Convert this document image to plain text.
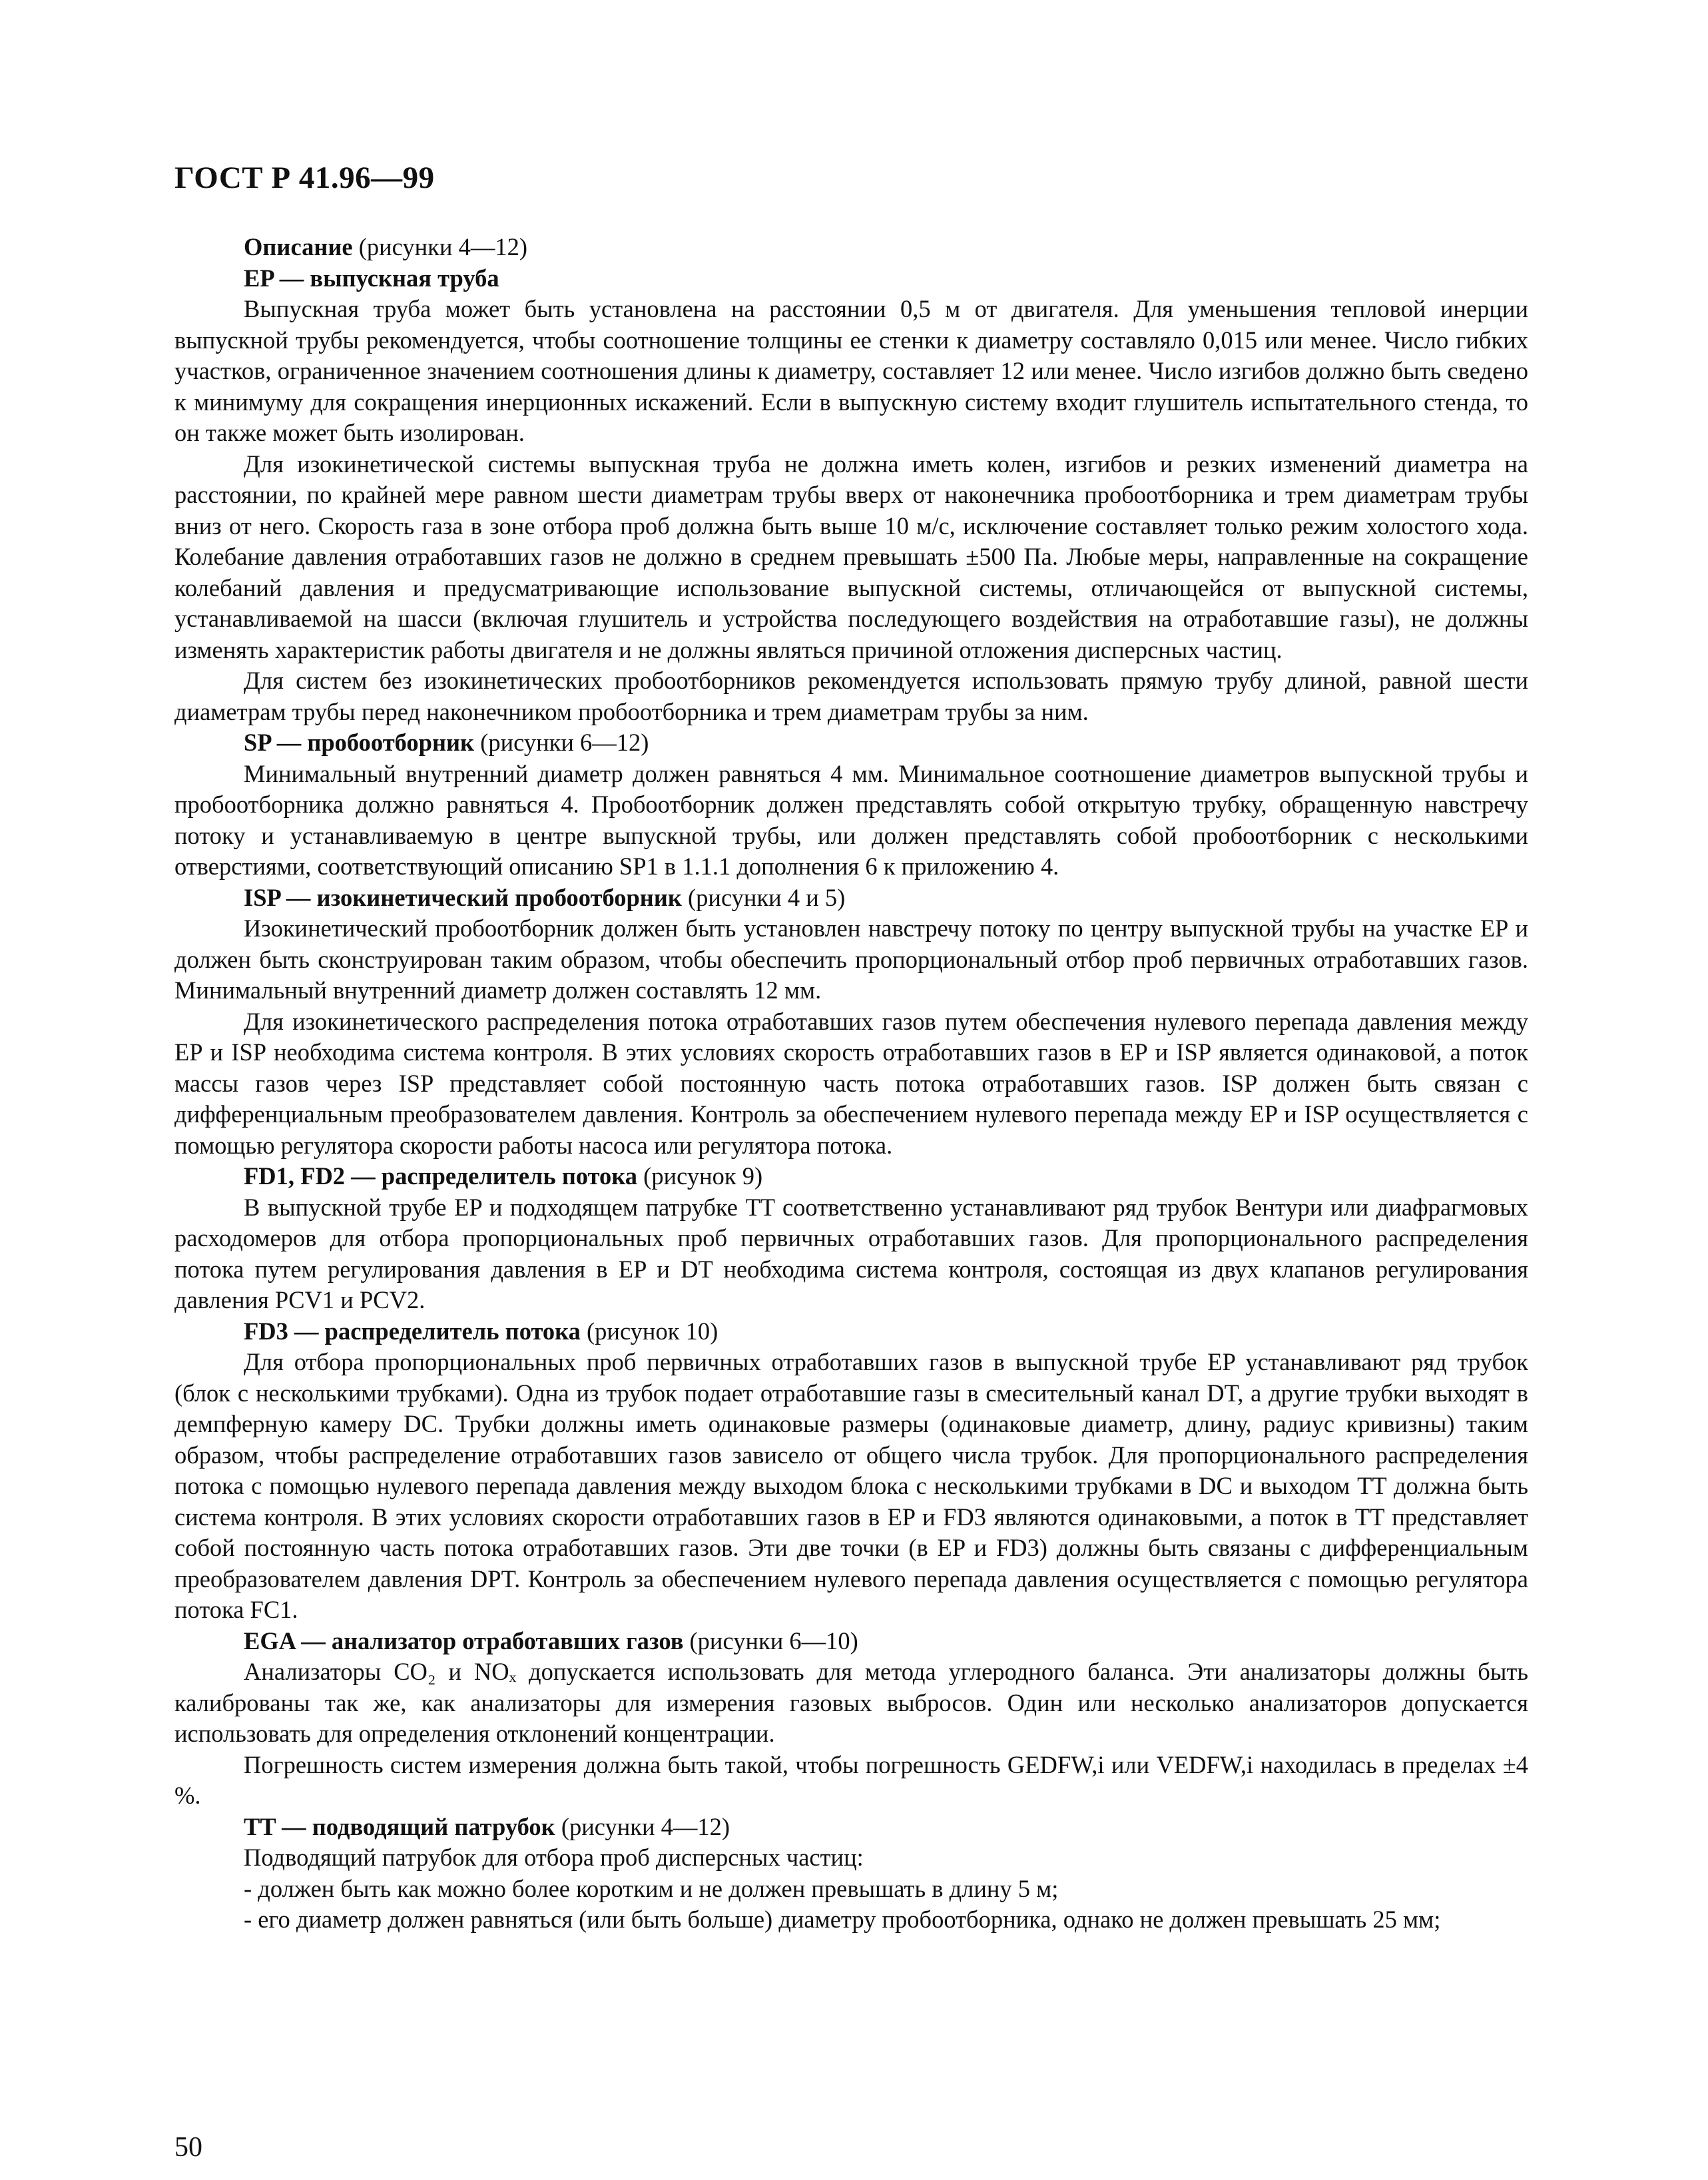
ГОСТ Р 41.96—99

Описание (рисунки 4—12)

EP — выпускная труба

Выпускная труба может быть установлена на расстоянии 0,5 м от двигателя. Для уменьшения тепловой инерции выпускной трубы рекомендуется, чтобы соотношение толщины ее стенки к диаметру составляло 0,015 или менее. Число гибких участков, ограниченное значением соотношения длины к диаметру, составляет 12 или менее. Число изгибов должно быть сведено к минимуму для сокращения инерционных искажений. Если в выпускную систему входит глушитель испытательного стенда, то он также может быть изолирован.

Для изокинетической системы выпускная труба не должна иметь колен, изгибов и резких изменений диаметра на расстоянии, по крайней мере равном шести диаметрам трубы вверх от наконечника пробоотборника и трем диаметрам трубы вниз от него. Скорость газа в зоне отбора проб должна быть выше 10 м/с, исключение составляет только режим холостого хода. Колебание давления отработавших газов не должно в среднем превышать ±500 Па. Любые меры, направленные на сокращение колебаний давления и предусматривающие использование выпускной системы, отличающейся от выпускной системы, устанавливаемой на шасси (включая глушитель и устройства последующего воздействия на отработавшие газы), не должны изменять характеристик работы двигателя и не должны являться причиной отложения дисперсных частиц.

Для систем без изокинетических пробоотборников рекомендуется использовать прямую трубу длиной, равной шести диаметрам трубы перед наконечником пробоотборника и трем диаметрам трубы за ним.

SP — пробоотборник (рисунки 6—12)

Минимальный внутренний диаметр должен равняться 4 мм. Минимальное соотношение диаметров выпускной трубы и пробоотборника должно равняться 4. Пробоотборник должен представлять собой открытую трубку, обращенную навстречу потоку и устанавливаемую в центре выпускной трубы, или должен представлять собой пробоотборник с несколькими отверстиями, соответствующий описанию SP1 в 1.1.1 дополнения 6 к приложению 4.

ISP — изокинетический пробоотборник (рисунки 4 и 5)

Изокинетический пробоотборник должен быть установлен навстречу потоку по центру выпускной трубы на участке EP и должен быть сконструирован таким образом, чтобы обеспечить пропорциональный отбор проб первичных отработавших газов. Минимальный внутренний диаметр должен составлять 12 мм.

Для изокинетического распределения потока отработавших газов путем обеспечения нулевого перепада давления между EP и ISP необходима система контроля. В этих условиях скорость отработавших газов в EP и ISP является одинаковой, а поток массы газов через ISP представляет собой постоянную часть потока отработавших газов. ISP должен быть связан с дифференциальным преобразователем давления. Контроль за обеспечением нулевого перепада между EP и ISP осуществляется с помощью регулятора скорости работы насоса или регулятора потока.

FD1, FD2 — распределитель потока (рисунок 9)

В выпускной трубе EP и подходящем патрубке TT соответственно устанавливают ряд трубок Вентури или диафрагмовых расходомеров для отбора пропорциональных проб первичных отработавших газов. Для пропорционального распределения потока путем регулирования давления в EP и DT необходима система контроля, состоящая из двух клапанов регулирования давления PCV1 и PCV2.

FD3 — распределитель потока (рисунок 10)

Для отбора пропорциональных проб первичных отработавших газов в выпускной трубе EP устанавливают ряд трубок (блок с несколькими трубками). Одна из трубок подает отработавшие газы в смесительный канал DT, а другие трубки выходят в демпферную камеру DC. Трубки должны иметь одинаковые размеры (одинаковые диаметр, длину, радиус кривизны) таким образом, чтобы распределение отработавших газов зависело от общего числа трубок. Для пропорционального распределения потока с помощью нулевого перепада давления между выходом блока с несколькими трубками в DC и выходом TT должна быть система контроля. В этих условиях скорости отработавших газов в EP и FD3 являются одинаковыми, а поток в TT представляет собой постоянную часть потока отработавших газов. Эти две точки (в EP и FD3) должны быть связаны с дифференциальным преобразователем давления DPT. Контроль за обеспечением нулевого перепада давления осуществляется с помощью регулятора потока FC1.

EGA — анализатор отработавших газов (рисунки 6—10)

Анализаторы CO₂ и NOₓ допускается использовать для метода углеродного баланса. Эти анализаторы должны быть калиброваны так же, как анализаторы для измерения газовых выбросов. Один или несколько анализаторов допускается использовать для определения отклонений концентрации.

Погрешность систем измерения должна быть такой, чтобы погрешность GEDFW,i или VEDFW,i находилась в пределах ±4 %.

TT — подводящий патрубок (рисунки 4—12)

Подводящий патрубок для отбора проб дисперсных частиц:

- должен быть как можно более коротким и не должен превышать в длину 5 м;

- его диаметр должен равняться (или быть больше) диаметру пробоотборника, однако не должен превышать 25 мм;

50
